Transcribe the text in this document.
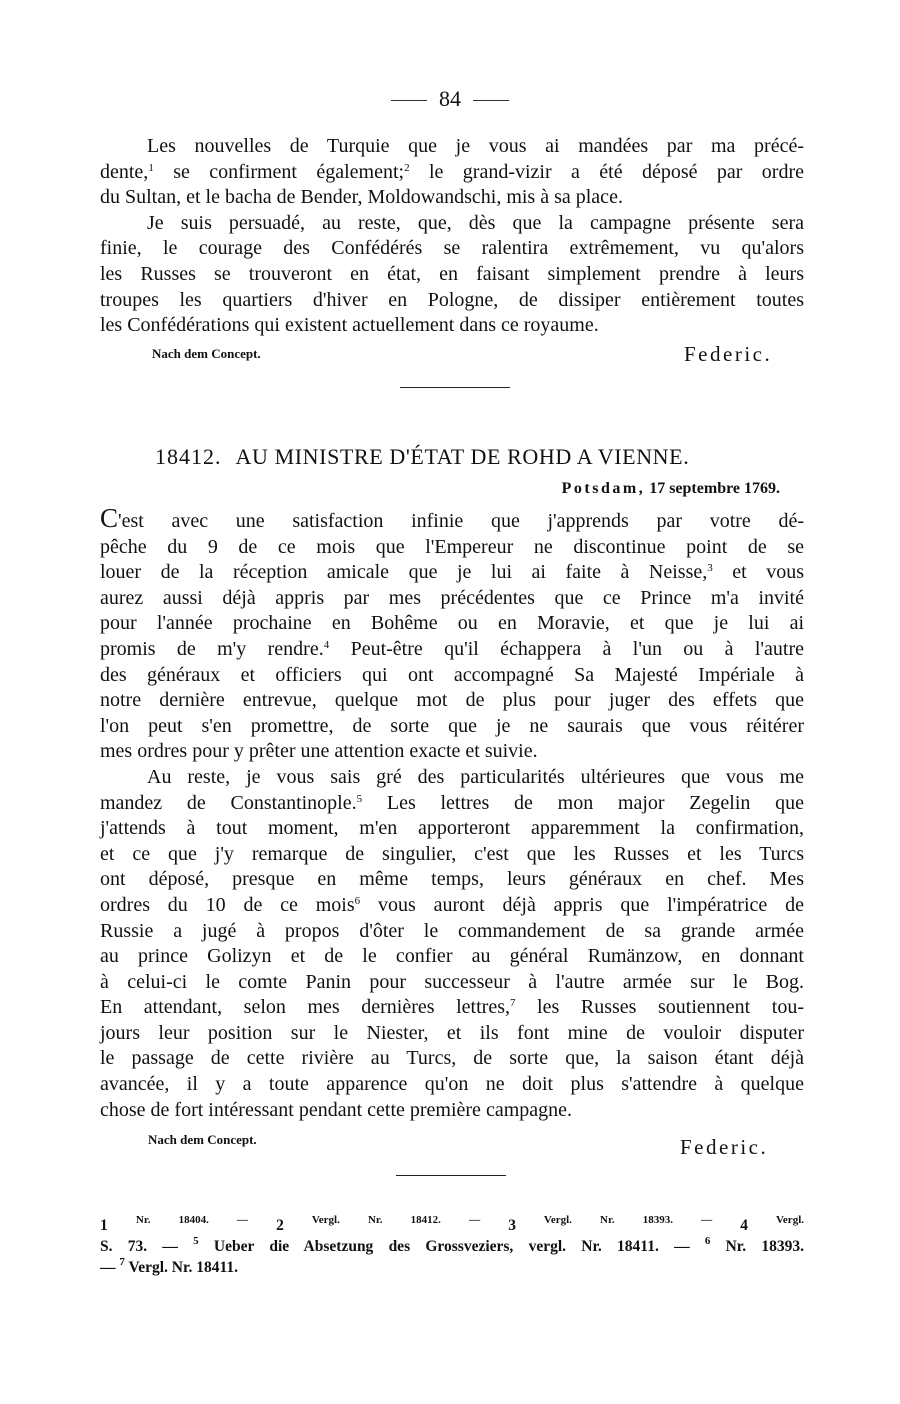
84
Les nouvelles de Turquie que je vous ai mandées par ma précé-
dente,$^1$ se confirment également;$^2$ le grand-vizir a été déposé par ordre
du Sultan, et le bacha de Bender, Moldowandschi, mis à sa place.
Je suis persuadé, au reste, que, dès que la campagne présente sera
finie, le courage des Confédérés se ralentira extrêmement, vu qu'alors
les Russes se trouveront en état, en faisant simplement prendre à leurs
troupes les quartiers d'hiver en Pologne, de dissiper entièrement toutes
les Confédérations qui existent actuellement dans ce royaume.
Nach dem Concept.	Federic.
18412. AU MINISTRE D'ÉTAT DE ROHD A VIENNE.
Potsdam, 17 septembre 1769.
C'est avec une satisfaction infinie que j'apprends par votre dé-
pêche du 9 de ce mois que l'Empereur ne discontinue point de se
louer de la réception amicale que je lui ai faite à Neisse,$^3$ et vous
aurez aussi déjà appris par mes précédentes que ce Prince m'a invité
pour l'année prochaine en Bohême ou en Moravie, et que je lui ai
promis de m'y rendre.$^4$ Peut-être qu'il échappera à l'un ou à l'autre
des généraux et officiers qui ont accompagné Sa Majesté Impériale à
notre dernière entrevue, quelque mot de plus pour juger des effets que
l'on peut s'en promettre, de sorte que je ne saurais que vous réitérer
mes ordres pour y prêter une attention exacte et suivie.
Au reste, je vous sais gré des particularités ultérieures que vous me
mandez de Constantinople.$^5$ Les lettres de mon major Zegelin que
j'attends à tout moment, m'en apporteront apparemment la confirmation,
et ce que j'y remarque de singulier, c'est que les Russes et les Turcs
ont déposé, presque en même temps, leurs généraux en chef. Mes
ordres du 10 de ce mois$^6$ vous auront déjà appris que l'impératrice de
Russie a jugé à propos d'ôter le commandement de sa grande armée
au prince Golizyn et de le confier au général Rumänzow, en donnant
à celui-ci le comte Panin pour successeur à l'autre armée sur le Bog.
En attendant, selon mes dernières lettres,$^7$ les Russes soutiennent tou-
jours leur position sur le Niester, et ils font mine de vouloir disputer
le passage de cette rivière au Turcs, de sorte que, la saison étant déjà
avancée, il y a toute apparence qu'on ne doit plus s'attendre à quelque
chose de fort intéressant pendant cette première campagne.
Nach dem Concept.	Federic.
1 $^{Nr. 18404. —}$ 2 $^{Vergl. Nr. 18412. —}$ 3 $^{Vergl. Nr. 18393. —}$ 4 $^{Vergl.}$
S. 73. — $^5$ Ueber die Absetzung des Grossveziers, vergl. Nr. 18411. — $^6$ Nr. 18393.
— $^7$ Vergl. Nr. 18411.
